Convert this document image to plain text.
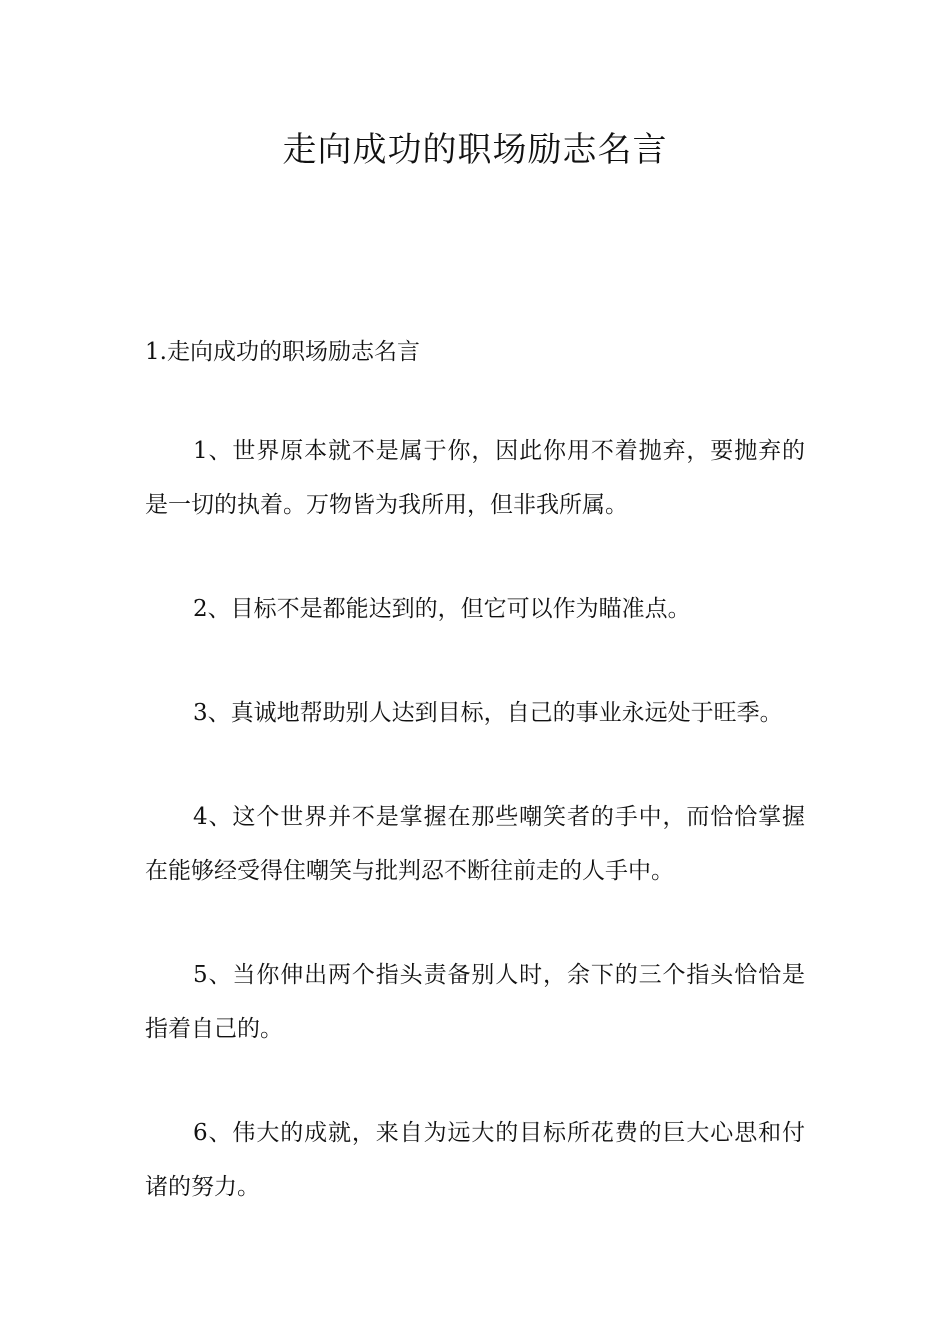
走向成功的职场励志名言
1.走向成功的职场励志名言

1、世界原本就不是属于你，因此你用不着抛弃，要抛弃的是一切的执着。万物皆为我所用，但非我所属。

2、目标不是都能达到的，但它可以作为瞄准点。

3、真诚地帮助别人达到目标，自己的事业永远处于旺季。

4、这个世界并不是掌握在那些嘲笑者的手中，而恰恰掌握在能够经受得住嘲笑与批判忍不断往前走的人手中。

5、当你伸出两个指头责备别人时，余下的三个指头恰恰是指着自己的。

6、伟大的成就，来自为远大的目标所花费的巨大心思和付诸的努力。
